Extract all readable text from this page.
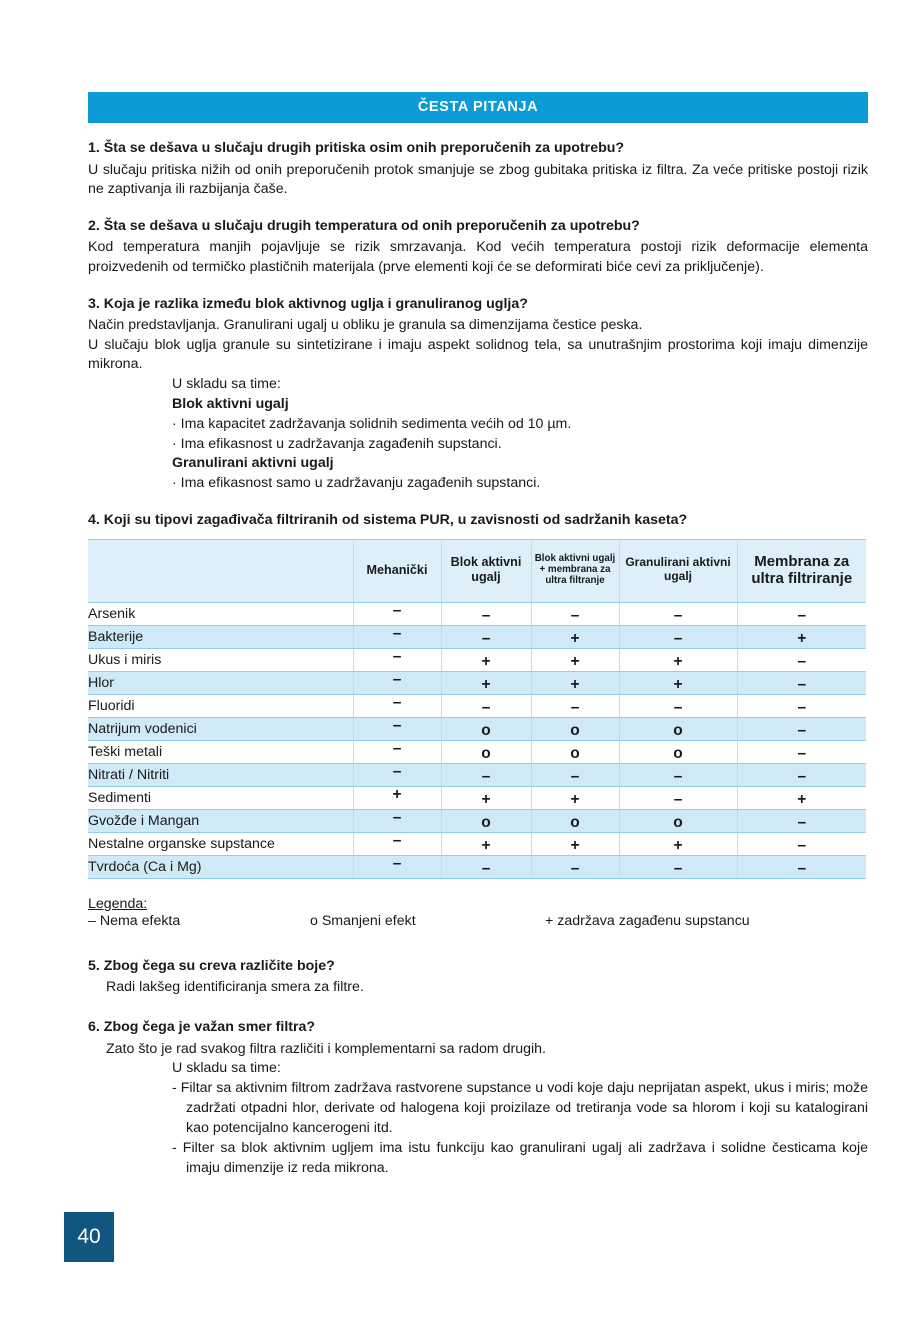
ČESTA PITANJA
1. Šta se dešava u slučaju drugih pritiska osim onih preporučenih za upotrebu?
U slučaju pritiska nižih od onih preporučenih protok smanjuje se zbog gubitaka pritiska iz filtra. Za veće pritiske postoji rizik ne zaptivanja ili razbijanja čaše.
2. Šta se dešava u slučaju drugih temperatura od onih preporučenih za upotrebu?
Kod temperatura manjih pojavljuje se rizik smrzavanja. Kod većih temperatura postoji rizik deformacije elementa proizvedenih od termičko plastičnih materijala (prve elementi koji će se deformirati biće cevi za priključenje).
3. Koja je razlika između blok aktivnog uglja i granuliranog uglja?
Način predstavljanja. Granulirani ugalj u obliku je granula sa dimenzijama čestice peska.
U slučaju blok uglja granule su sintetizirane i imaju aspekt solidnog tela, sa unutrašnjim prostorima koji imaju dimenzije mikrona.
U skladu sa time:
Blok aktivni ugalj
· Ima kapacitet zadržavanja solidnih sedimenta većih od 10 µm.
· Ima efikasnost u zadržavanja zagađenih supstanci.
Granulirani aktivni ugalj
· Ima efikasnost samo u zadržavanju zagađenih supstanci.
4. Koji su tipovi zagađivača filtriranih od sistema PUR, u zavisnosti od sadržanih kaseta?
	Mehanički	Blok aktivni ugalj	Blok aktivni ugalj + membrana za ultra filtranje	Granulirani aktivni ugalj	Membrana za ultra filtriranje
Arsenik	–	–	–	–	–
Bakterije	–	–	+	–	+
Ukus i miris	–	+	+	+	–
Hlor	–	+	+	+	–
Fluoridi	–	–	–	–	–
Natrijum vodenici	–	o	o	o	–
Teški metali	–	o	o	o	–
Nitrati / Nitriti	–	–	–	–	–
Sedimenti	+	+	+	–	+
Gvožđe i Mangan	–	o	o	o	–
Nestalne organske supstance	–	+	+	+	–
Tvrdoća (Ca i Mg)	–	–	–	–	–
Legenda:
– Nema efekta	o Smanjeni efekt	+ zadržava zagađenu supstancu
5. Zbog čega su creva različite boje?
Radi lakšeg identificiranja smera za filtre.
6. Zbog čega je važan smer filtra?
Zato što je rad svakog filtra različiti i komplementarni sa radom drugih.
U skladu sa time:
- Filtar sa aktivnim filtrom zadržava rastvorene supstance u vodi koje daju neprijatan aspekt, ukus i miris; može zadržati otpadni hlor, derivate od halogena koji proizilaze od tretiranja vode sa hlorom i koji su katalogirani kao potencijalno kancerogeni itd.
- Filter sa blok aktivnim ugljem ima istu funkciju kao granulirani ugalj ali zadržava i solidne česticama koje imaju dimenzije iz reda mikrona.
40
